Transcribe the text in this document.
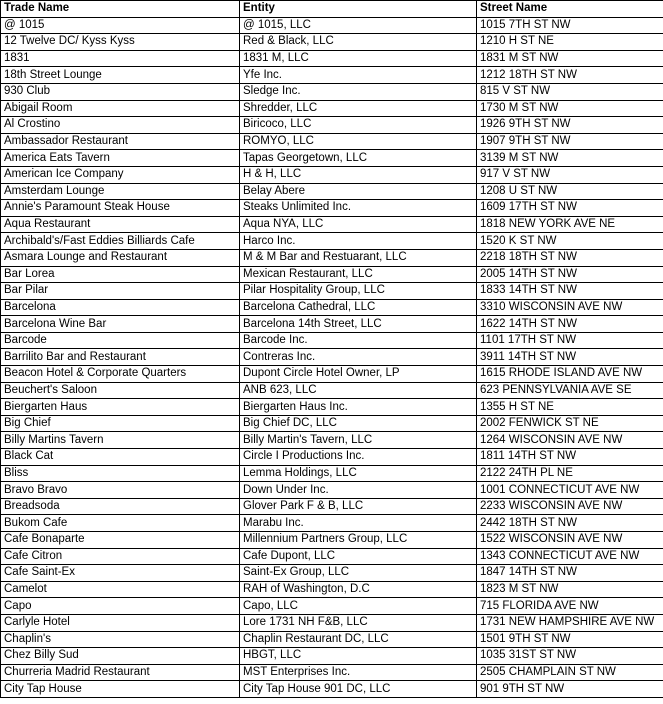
Trade Name	Entity	Street Name
@ 1015	@ 1015, LLC	1015 7TH ST NW
12 Twelve DC/ Kyss Kyss	Red & Black, LLC	1210 H ST NE
1831	1831 M, LLC	1831 M ST NW
18th Street Lounge	Yfe Inc.	1212 18TH ST NW
930 Club	Sledge Inc.	815 V ST NW
Abigail Room	Shredder, LLC	1730 M ST NW
Al Crostino	Biricoco, LLC	1926 9TH ST NW
Ambassador Restaurant	ROMYO, LLC	1907 9TH ST NW
America Eats Tavern	Tapas Georgetown, LLC	3139 M ST NW
American Ice Company	H & H, LLC	917 V ST NW
Amsterdam Lounge	Belay Abere	1208 U ST NW
Annie's Paramount Steak House	Steaks Unlimited Inc.	1609 17TH ST NW
Aqua Restaurant	Aqua NYA, LLC	1818 NEW YORK AVE NE
Archibald's/Fast Eddies Billiards Cafe	Harco Inc.	1520 K ST NW
Asmara Lounge and Restaurant	M & M Bar and Restuarant, LLC	2218 18TH ST NW
Bar Lorea	Mexican Restaurant, LLC	2005 14TH ST NW
Bar Pilar	Pilar Hospitality Group, LLC	1833 14TH ST NW
Barcelona	Barcelona Cathedral, LLC	3310 WISCONSIN AVE NW
Barcelona Wine Bar	Barcelona 14th Street, LLC	1622 14TH ST NW
Barcode	Barcode Inc.	1101 17TH ST NW
Barrilito Bar and Restaurant	Contreras Inc.	3911 14TH ST NW
Beacon Hotel & Corporate Quarters	Dupont Circle Hotel Owner, LP	1615 RHODE ISLAND AVE NW
Beuchert's Saloon	ANB 623, LLC	623 PENNSYLVANIA AVE SE
Biergarten Haus	Biergarten Haus Inc.	1355 H ST NE
Big Chief	Big Chief DC, LLC	2002 FENWICK ST NE
Billy Martins Tavern	Billy Martin's Tavern, LLC	1264 WISCONSIN AVE NW
Black Cat	Circle I Productions Inc.	1811 14TH ST NW
Bliss	Lemma Holdings, LLC	2122 24TH PL NE
Bravo Bravo	Down Under Inc.	1001 CONNECTICUT AVE NW
Breadsoda	Glover Park F & B, LLC	2233 WISCONSIN AVE NW
Bukom Cafe	Marabu Inc.	2442 18TH ST NW
Cafe Bonaparte	Millennium Partners Group, LLC	1522 WISCONSIN AVE NW
Cafe Citron	Cafe Dupont, LLC	1343 CONNECTICUT AVE NW
Cafe Saint-Ex	Saint-Ex Group, LLC	1847 14TH ST NW
Camelot	RAH of Washington, D.C	1823 M ST NW
Capo	Capo, LLC	715 FLORIDA AVE NW
Carlyle Hotel	Lore 1731 NH F&B, LLC	1731 NEW HAMPSHIRE AVE NW
Chaplin's	Chaplin Restaurant DC, LLC	1501 9TH ST NW
Chez Billy Sud	HBGT, LLC	1035 31ST ST NW
Churreria Madrid Restaurant	MST Enterprises Inc.	2505 CHAMPLAIN ST NW
City Tap House	City Tap House 901 DC, LLC	901 9TH ST NW
